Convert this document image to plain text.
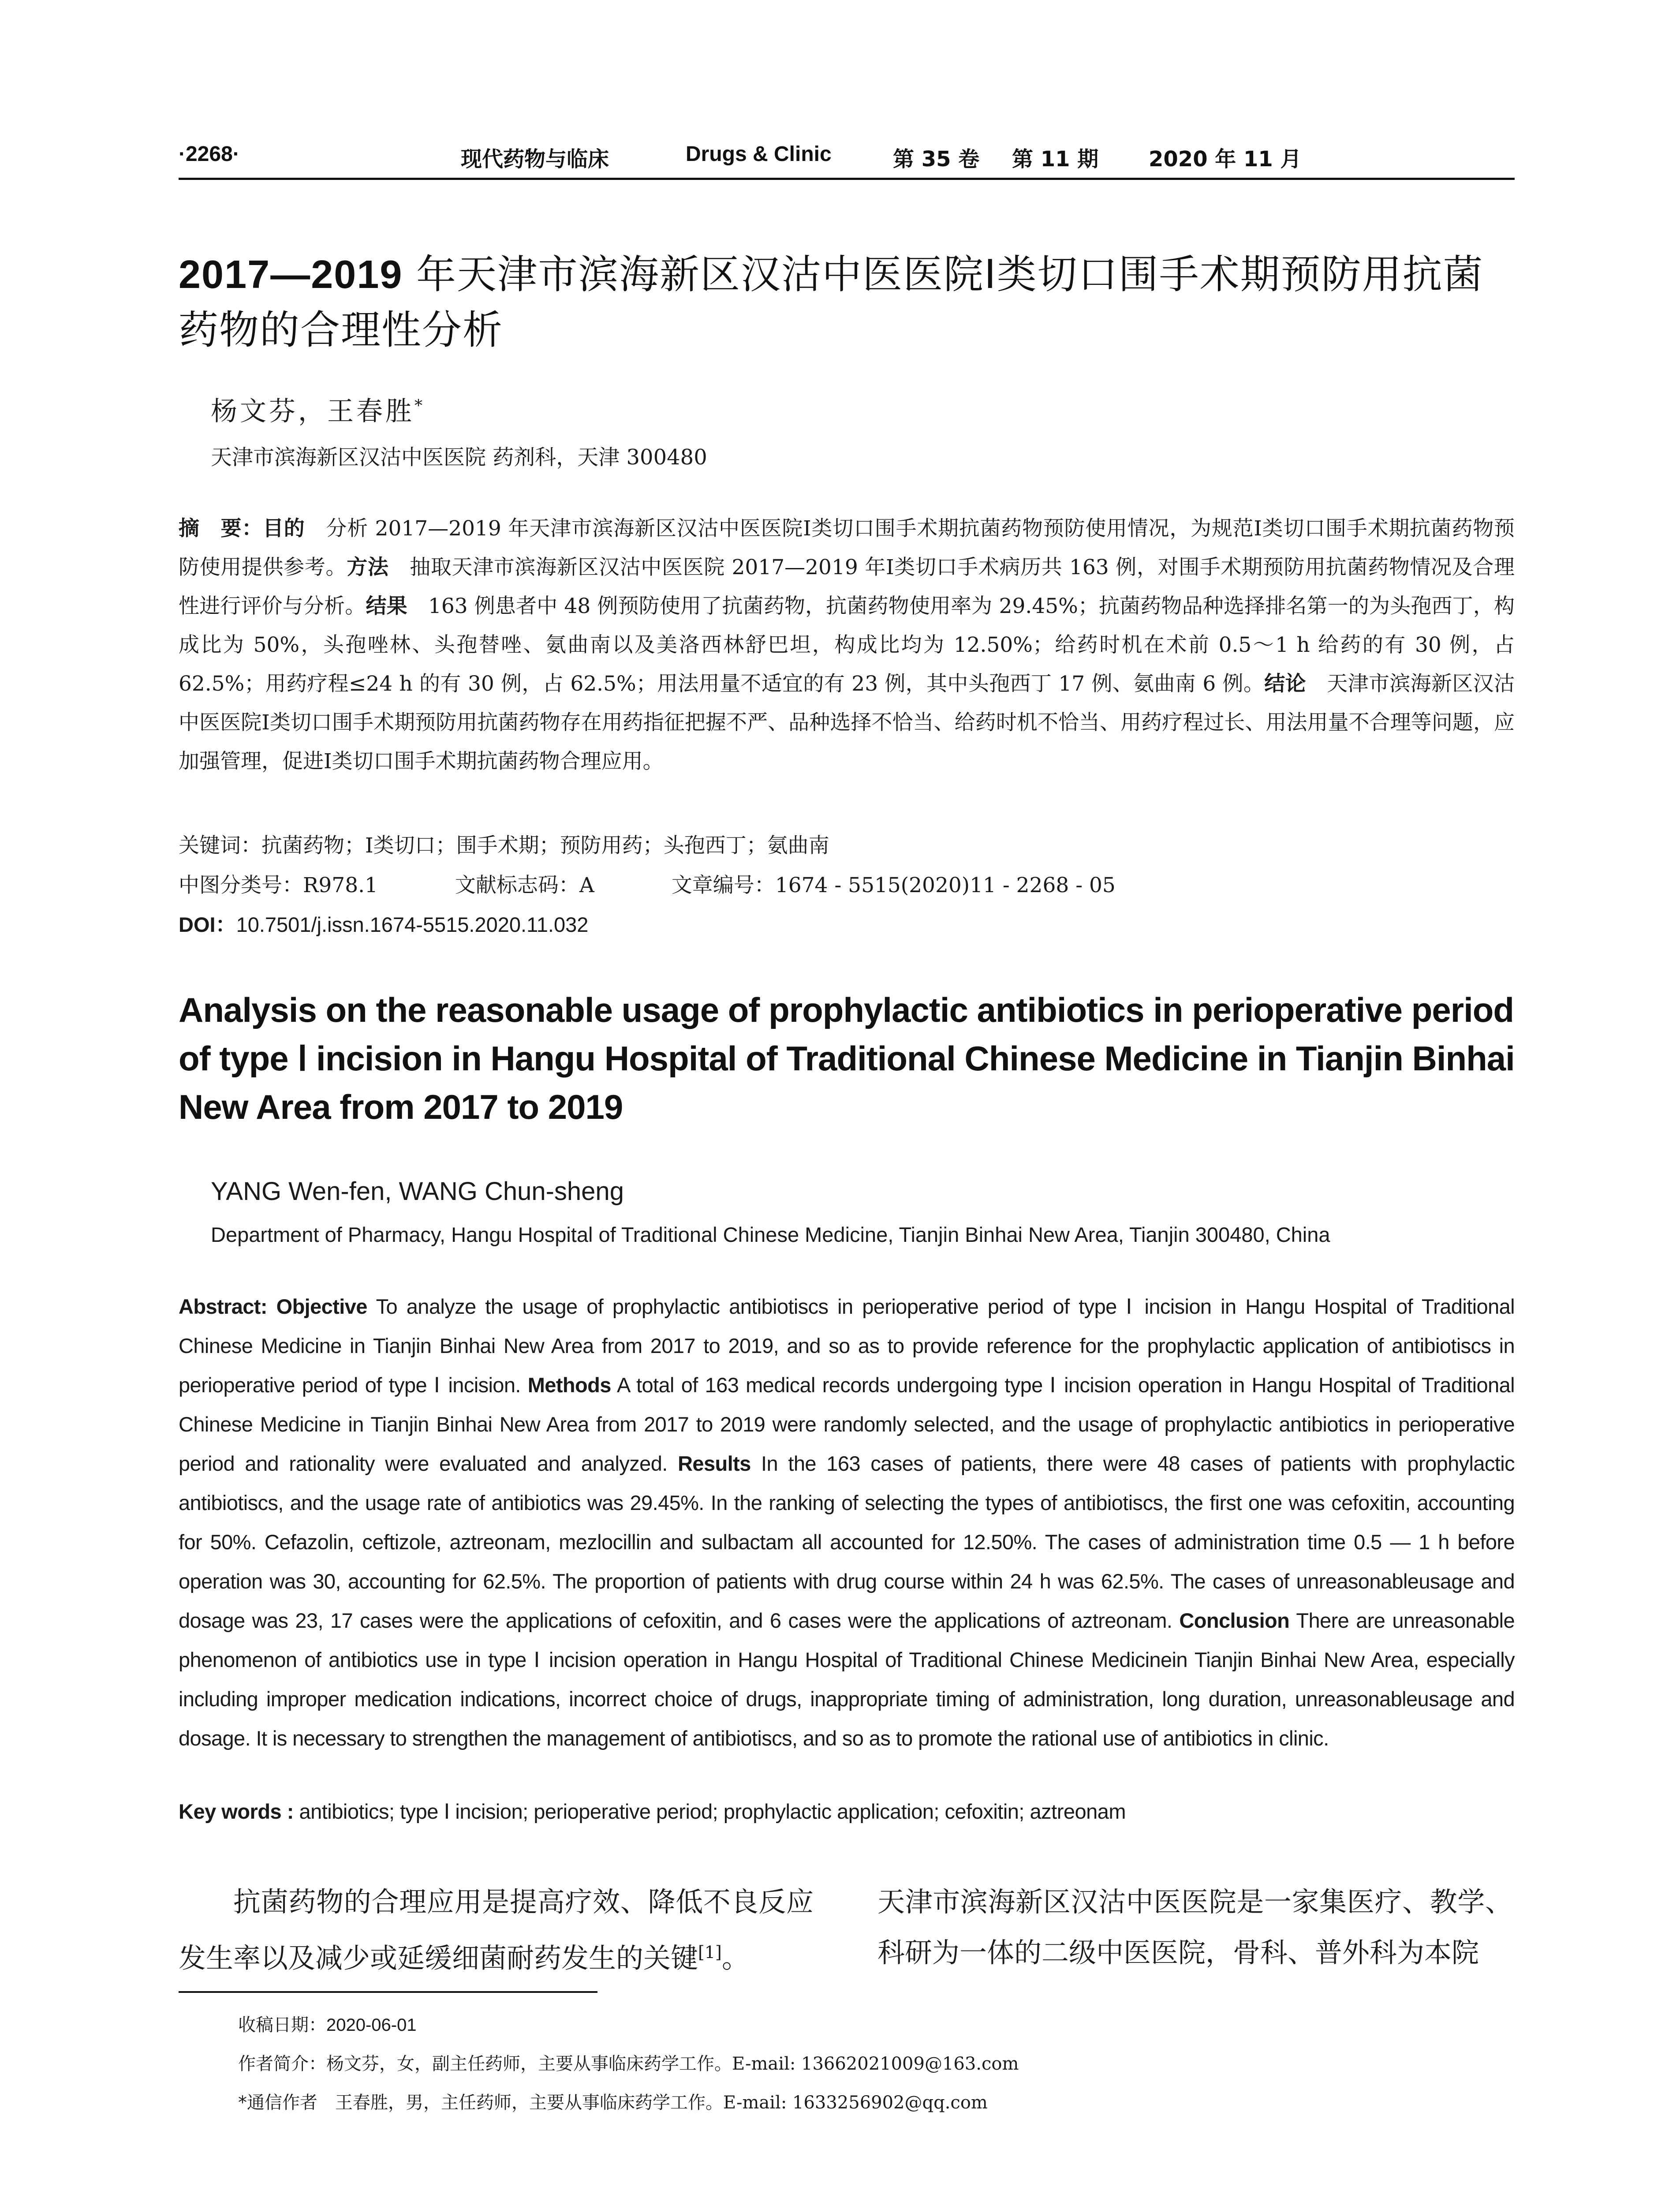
·2268·	现代药物与临床	Drugs & Clinic	第 35 卷 第 11 期 2020 年 11 月
2017—2019 年天津市滨海新区汉沽中医医院Ⅰ类切口围手术期预防用抗菌药物的合理性分析
杨文芬，王春胜*
天津市滨海新区汉沽中医医院 药剂科，天津 300480
摘　要：目的　分析 2017—2019 年天津市滨海新区汉沽中医医院Ⅰ类切口围手术期抗菌药物预防使用情况，为规范Ⅰ类切口围手术期抗菌药物预防使用提供参考。方法　抽取天津市滨海新区汉沽中医医院 2017—2019 年Ⅰ类切口手术病历共 163 例，对围手术期预防用抗菌药物情况及合理性进行评价与分析。结果　163 例患者中 48 例预防使用了抗菌药物，抗菌药物使用率为 29.45%；抗菌药物品种选择排名第一的为头孢西丁，构成比为 50%，头孢唑林、头孢替唑、氨曲南以及美洛西林舒巴坦，构成比均为 12.50%；给药时机在术前 0.5～1 h 给药的有 30 例，占 62.5%；用药疗程≤24 h 的有 30 例，占 62.5%；用法用量不适宜的有 23 例，其中头孢西丁 17 例、氨曲南 6 例。结论　天津市滨海新区汉沽中医医院Ⅰ类切口围手术期预防用抗菌药物存在用药指征把握不严、品种选择不恰当、给药时机不恰当、用药疗程过长、用法用量不合理等问题，应加强管理，促进Ⅰ类切口围手术期抗菌药物合理应用。
关键词：抗菌药物；Ⅰ类切口；围手术期；预防用药；头孢西丁；氨曲南
中图分类号：R978.1	文献标志码：A	文章编号：1674 - 5515(2020)11 - 2268 - 05
DOI：10.7501/j.issn.1674-5515.2020.11.032
Analysis on the reasonable usage of prophylactic antibiotics in perioperative period of type Ⅰ incision in Hangu Hospital of Traditional Chinese Medicine in Tianjin Binhai New Area from 2017 to 2019
YANG Wen-fen, WANG Chun-sheng
Department of Pharmacy, Hangu Hospital of Traditional Chinese Medicine, Tianjin Binhai New Area, Tianjin 300480, China
Abstract: Objective To analyze the usage of prophylactic antibiotiscs in perioperative period of type Ⅰ incision in Hangu Hospital of Traditional Chinese Medicine in Tianjin Binhai New Area from 2017 to 2019, and so as to provide reference for the prophylactic application of antibiotiscs in perioperative period of type Ⅰ incision. Methods A total of 163 medical records undergoing type Ⅰ incision operation in Hangu Hospital of Traditional Chinese Medicine in Tianjin Binhai New Area from 2017 to 2019 were randomly selected, and the usage of prophylactic antibiotics in perioperative period and rationality were evaluated and analyzed. Results In the 163 cases of patients, there were 48 cases of patients with prophylactic antibiotiscs, and the usage rate of antibiotics was 29.45%. In the ranking of selecting the types of antibiotiscs, the first one was cefoxitin, accounting for 50%. Cefazolin, ceftizole, aztreonam, mezlocillin and sulbactam all accounted for 12.50%. The cases of administration time 0.5 — 1 h before operation was 30, accounting for 62.5%. The proportion of patients with drug course within 24 h was 62.5%. The cases of unreasonableusage and dosage was 23, 17 cases were the applications of cefoxitin, and 6 cases were the applications of aztreonam. Conclusion There are unreasonable phenomenon of antibiotics use in type Ⅰ incision operation in Hangu Hospital of Traditional Chinese Medicinein Tianjin Binhai New Area, especially including improper medication indications, incorrect choice of drugs, inappropriate timing of administration, long duration, unreasonableusage and dosage. It is necessary to strengthen the management of antibiotiscs, and so as to promote the rational use of antibiotics in clinic.
Key words : antibiotics; type Ⅰ incision; perioperative period; prophylactic application; cefoxitin; aztreonam
抗菌药物的合理应用是提高疗效、降低不良反应发生率以及减少或延缓细菌耐药发生的关键[1]。
天津市滨海新区汉沽中医医院是一家集医疗、教学、科研为一体的二级中医医院，骨科、普外科为本院
收稿日期：2020-06-01
作者简介：杨文芬，女，副主任药师，主要从事临床药学工作。E-mail: 13662021009@163.com
*通信作者　王春胜，男，主任药师，主要从事临床药学工作。E-mail: 1633256902@qq.com
